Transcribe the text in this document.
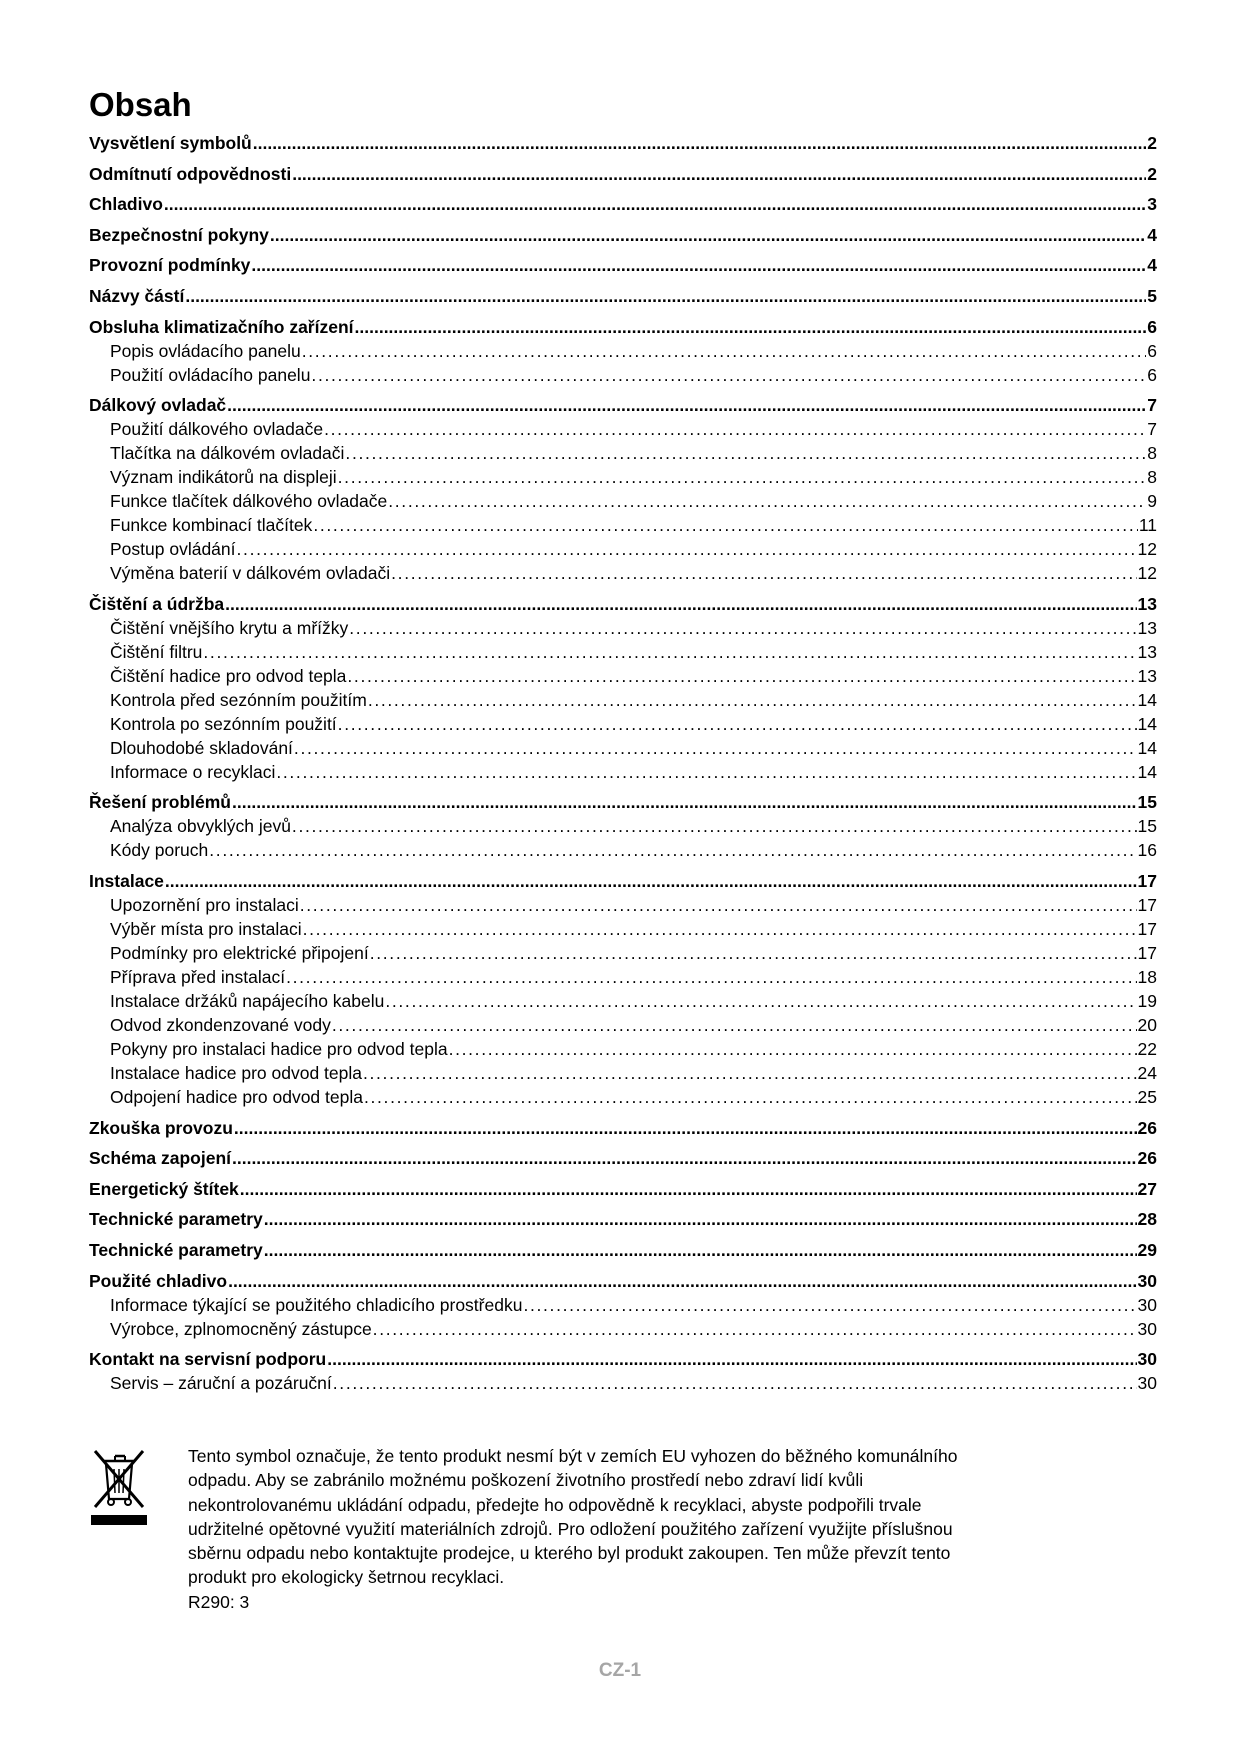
Obsah
Vysvětlení symbolů .....	2
Odmítnutí odpovědnosti .....	2
Chladivo .....	3
Bezpečnostní pokyny .....	4
Provozní podmínky .....	4
Názvy částí .....	5
Obsluha klimatizačního zařízení .....	6
Popis ovládacího panelu . . .	6
Použití ovládacího panelu . . .	6
Dálkový ovladač .....	7
Použití dálkového ovladače . . .	7
Tlačítka na dálkovém ovladači . . .	8
Význam indikátorů na displeji . . .	8
Funkce tlačítek dálkového ovladače . . .	9
Funkce kombinací tlačítek . . .	11
Postup ovládání . . .	12
Výměna baterií v dálkovém ovladači . . .	12
Čištění a údržba .....	13
Čištění vnějšího krytu a mřížky . . .	13
Čištění filtru . . .	13
Čištění hadice pro odvod tepla . . .	13
Kontrola před sezónním použitím . . .	14
Kontrola po sezónním použití . . .	14
Dlouhodobé skladování . . .	14
Informace o recyklaci . . .	14
Řešení problémů .....	15
Analýza obvyklých jevů . . .	15
Kódy poruch . . .	16
Instalace .....	17
Upozornění pro instalaci . . .	17
Výběr místa pro instalaci . . .	17
Podmínky pro elektrické připojení . . .	17
Příprava před instalací . . .	18
Instalace držáků napájecího kabelu . . .	19
Odvod zkondenzované vody . . .	20
Pokyny pro instalaci hadice pro odvod tepla . . .	22
Instalace hadice pro odvod tepla . . .	24
Odpojení hadice pro odvod tepla . . .	25
Zkouška provozu .....	26
Schéma zapojení .....	26
Energetický štítek .....	27
Technické parametry .....	28
Technické parametry .....	29
Použité chladivo .....	30
Informace týkající se použitého chladicího prostředku . . .	30
Výrobce, zplnomocněný zástupce . . .	30
Kontakt na servisní podporu .....	30
Servis – záruční a pozáruční . . .	30

Tento symbol označuje, že tento produkt nesmí být v zemích EU vyhozen do běžného komunálního

odpadu. Aby se zabránilo možnému poškození životního prostředí nebo zdraví lidí kvůli

nekontrolovanému ukládání odpadu, předejte ho odpovědně k recyklaci, abyste podpořili trvale

udržitelné opětovné využití materiálních zdrojů. Pro odložení použitého zařízení využijte příslušnou

sběrnu odpadu nebo kontaktujte prodejce, u kterého byl produkt zakoupen. Ten může převzít tento

produkt pro ekologicky šetrnou recyklaci.

R290: 3

CZ-1
